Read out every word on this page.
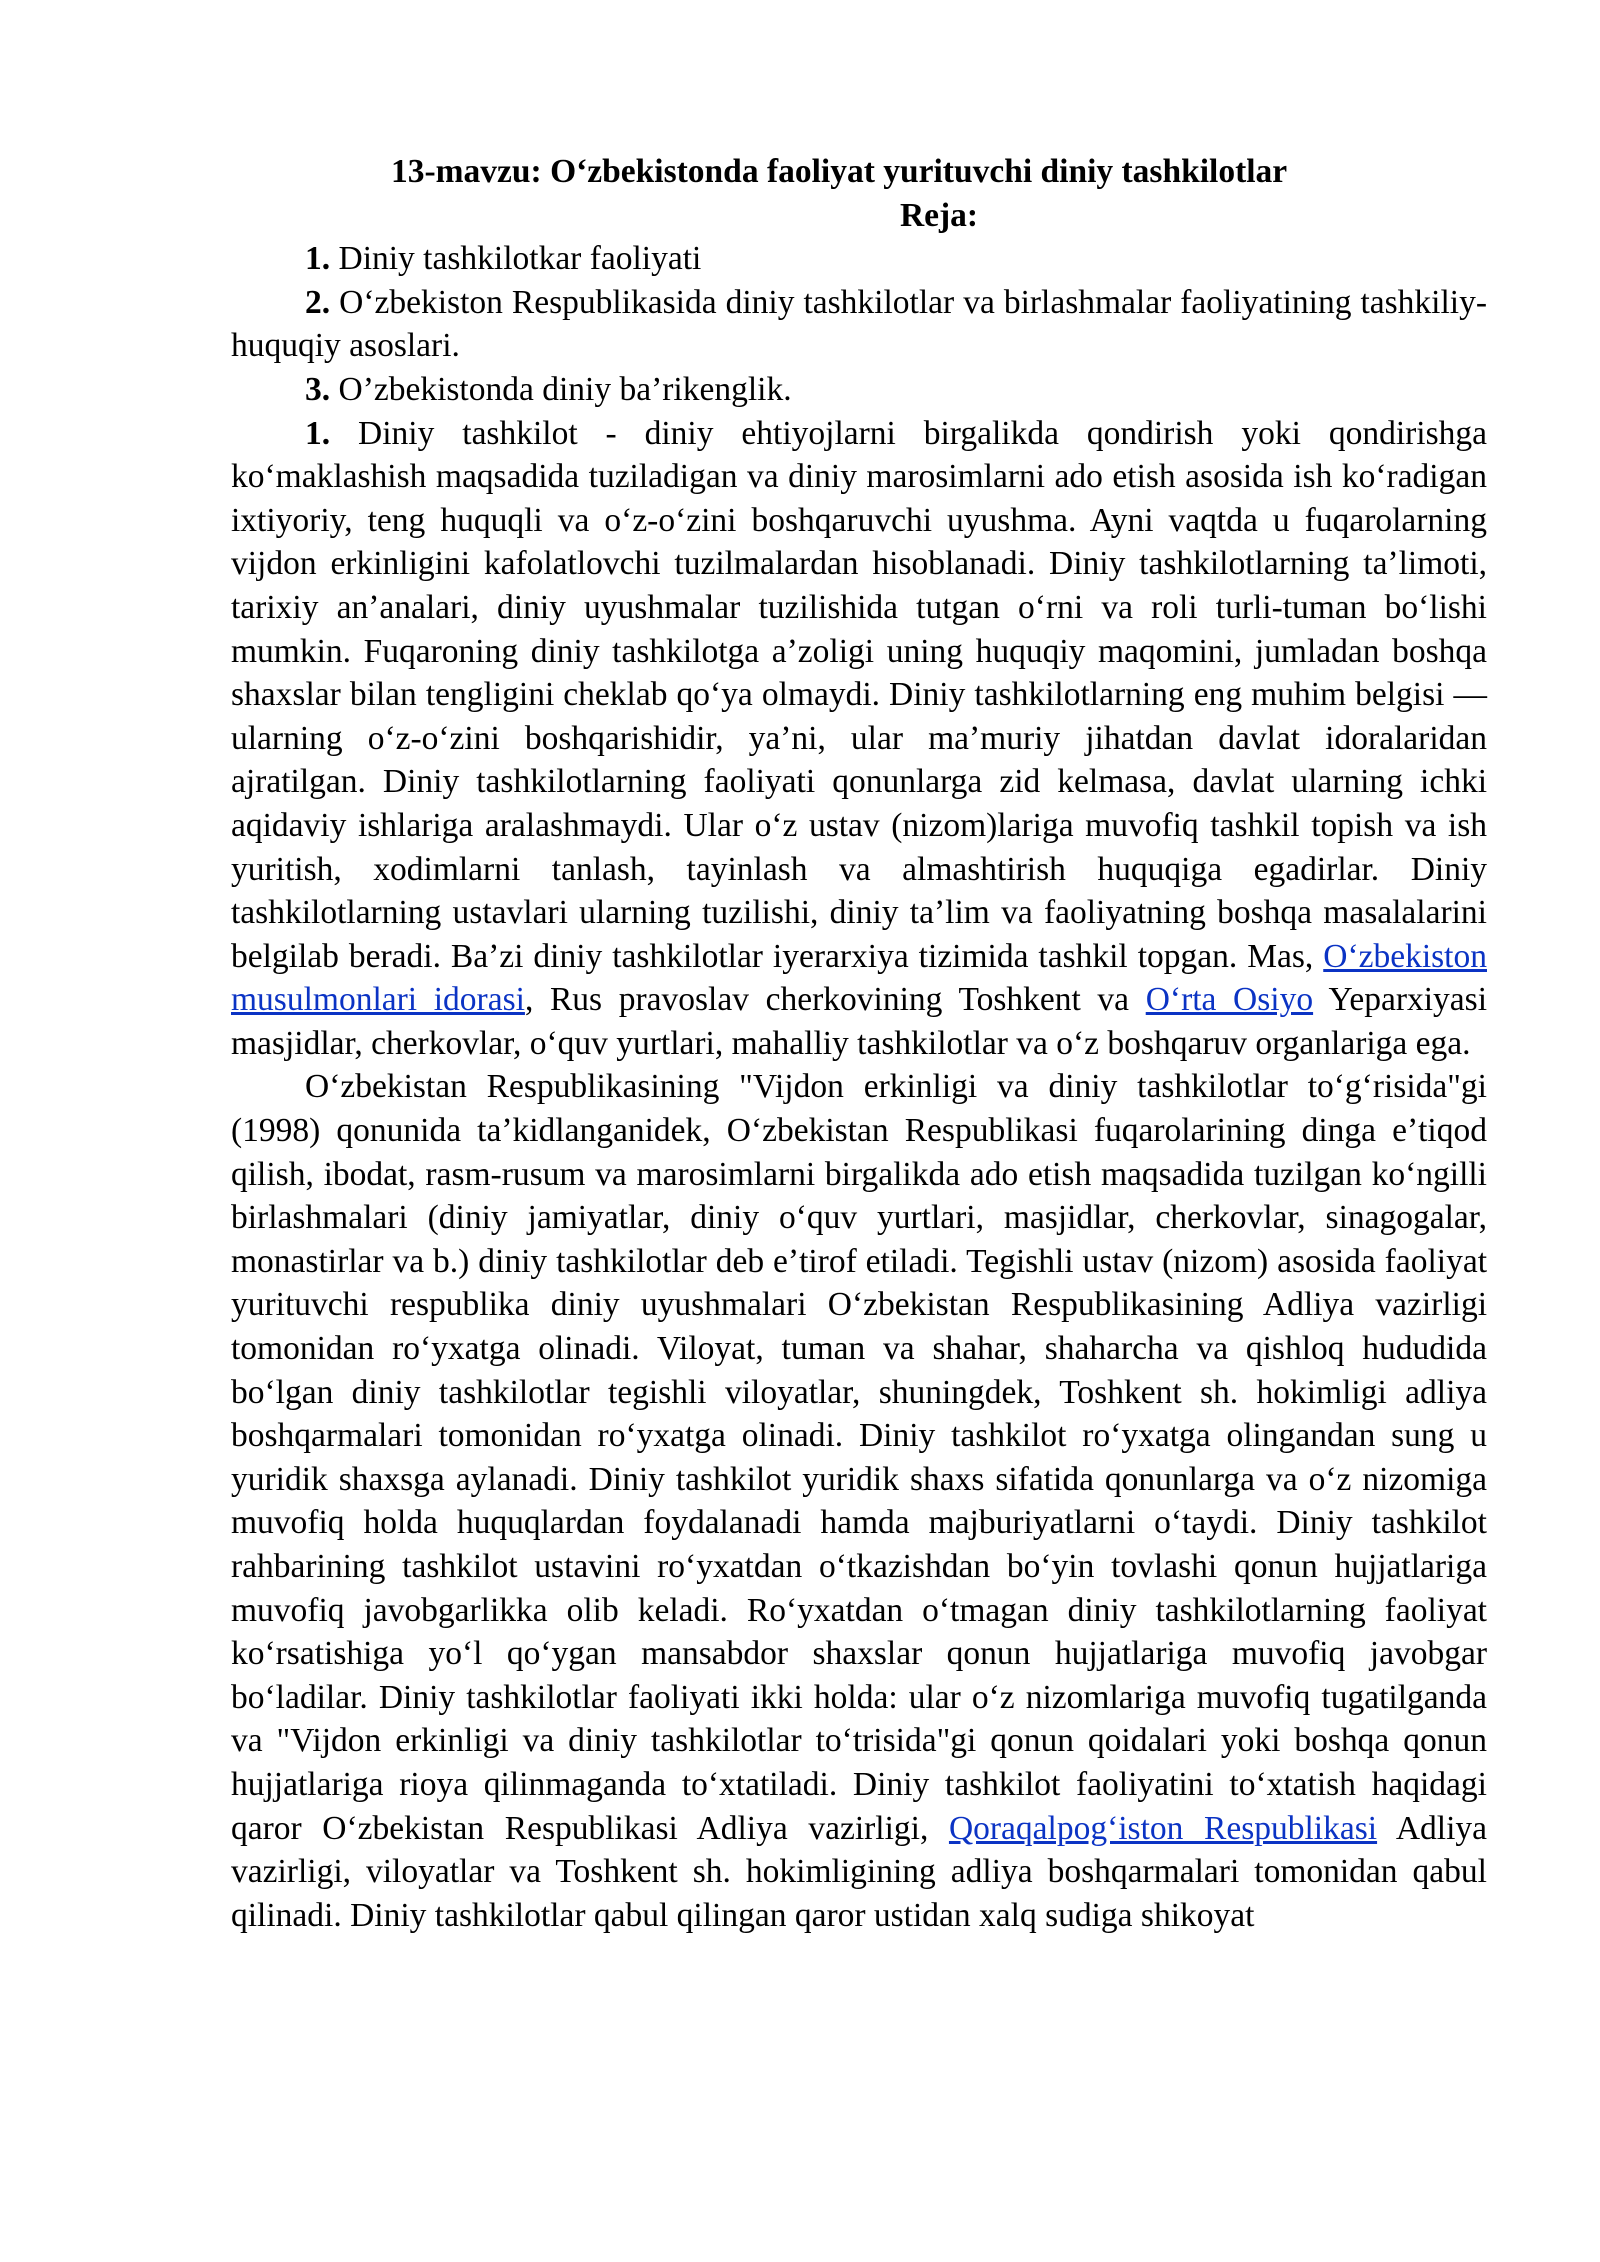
13-mavzu: O‘zbekistonda faoliyat yurituvchi diniy tashkilotlar

Reja:

1. Diniy tashkilotkar faoliyati

2. O‘zbekiston Respublikasida diniy tashkilotlar va birlashmalar faoliyatining tashkiliy-huquqiy asoslari.

3. O’zbekistonda diniy ba’rikenglik.

1. Diniy tashkilot - diniy ehtiyojlarni birgalikda qondirish yoki qondirishga koʻmaklashish maqsadida tuziladigan va diniy marosimlarni ado etish asosida ish koʻradigan ixtiyoriy, teng huquqli va oʻz-oʻzini boshqaruvchi uyushma. Ayni vaqtda u fuqarolarning vijdon erkinligini kafolatlovchi tuzilmalardan hisoblanadi. Diniy tashkilotlarning taʼlimoti, tarixiy anʼanalari, diniy uyushmalar tuzilishida tutgan oʻrni va roli turli-tuman boʻlishi mumkin. Fuqaroning diniy tashkilotga aʼzoligi uning huquqiy maqomini, jumladan boshqa shaxslar bilan tengligini cheklab qoʻya olmaydi. Diniy tashkilotlarning eng muhim belgisi — ularning oʻz-oʻzini boshqarishidir, yaʼni, ular maʼmuriy jihatdan davlat idoralaridan ajratilgan. Diniy tashkilotlarning faoliyati qonunlarga zid kelmasa, davlat ularning ichki aqidaviy ishlariga aralashmaydi. Ular oʻz ustav (nizom)lariga muvofiq tashkil topish va ish yuritish, xodimlarni tanlash, tayinlash va almashtirish huquqiga egadirlar. Diniy tashkilotlarning ustavlari ularning tuzilishi, diniy taʼlim va faoliyatning boshqa masalalarini belgilab beradi. Baʼzi diniy tashkilotlar iyerarxiya tizimida tashkil topgan. Mas, Oʻzbekiston musulmonlari idorasi, Rus pravoslav cherkovining Toshkent va Oʻrta Osiyo Yeparxiyasi masjidlar, cherkovlar, oʻquv yurtlari, mahalliy tashkilotlar va oʻz boshqaruv organlariga ega.

Oʻzbekistan Respublikasining "Vijdon erkinligi va diniy tashkilotlar toʻgʻrisida"gi (1998) qonunida taʼkidlanganidek, Oʻzbekistan Respublikasi fuqarolarining dinga eʼtiqod qilish, ibodat, rasm-rusum va marosimlarni birgalikda ado etish maqsadida tuzilgan koʻngilli birlashmalari (diniy jamiyatlar, diniy oʻquv yurtlari, masjidlar, cherkovlar, sinagogalar, monastirlar va b.) diniy tashkilotlar deb eʼtirof etiladi. Tegishli ustav (nizom) asosida faoliyat yurituvchi respublika diniy uyushmalari Oʻzbekistan Respublikasining Adliya vazirligi tomonidan roʻyxatga olinadi. Viloyat, tuman va shahar, shaharcha va qishloq hududida boʻlgan diniy tashkilotlar tegishli viloyatlar, shuningdek, Toshkent sh. hokimligi adliya boshqarmalari tomonidan roʻyxatga olinadi. Diniy tashkilot roʻyxatga olingandan sung u yuridik shaxsga aylanadi. Diniy tashkilot yuridik shaxs sifatida qonunlarga va oʻz nizomiga muvofiq holda huquqlardan foydalanadi hamda majburiyatlarni oʻtaydi. Diniy tashkilot rahbarining tashkilot ustavini roʻyxatdan oʻtkazishdan boʻyin tovlashi qonun hujjatlariga muvofiq javobgarlikka olib keladi. Roʻyxatdan oʻtmagan diniy tashkilotlarning faoliyat koʻrsatishiga yoʻl qoʻygan mansabdor shaxslar qonun hujjatlariga muvofiq javobgar boʻladilar. Diniy tashkilotlar faoliyati ikki holda: ular oʻz nizomlariga muvofiq tugatilganda va "Vijdon erkinligi va diniy tashkilotlar toʻtrisida"gi qonun qoidalari yoki boshqa qonun hujjatlariga rioya qilinmaganda toʻxtatiladi. Diniy tashkilot faoliyatini toʻxtatish haqidagi qaror Oʻzbekistan Respublikasi Adliya vazirligi, Qoraqalpogʻiston Respublikasi Adliya vazirligi, viloyatlar va Toshkent sh. hokimligining adliya boshqarmalari tomonidan qabul qilinadi. Diniy tashkilotlar qabul qilingan qaror ustidan xalq sudiga shikoyat
